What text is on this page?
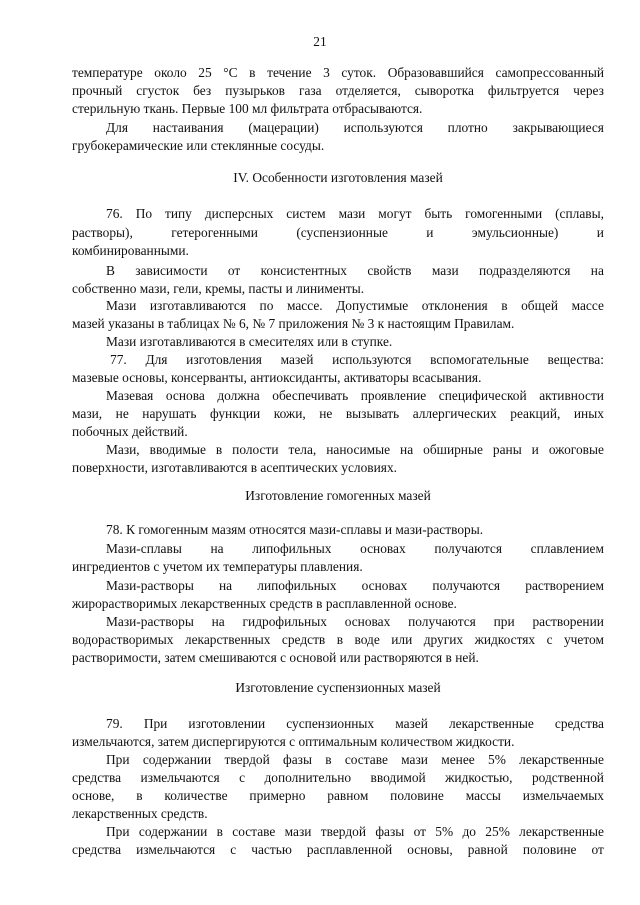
21
температуре около 25 °С в течение 3 суток. Образовавшийся самопрессованный
прочный сгусток без пузырьков газа отделяется, сыворотка фильтруется через
стерильную ткань. Первые 100 мл фильтрата отбрасываются.
Для настаивания (мацерации) используются плотно закрывающиеся
грубокерамические или стеклянные сосуды.
IV. Особенности изготовления мазей
76. По типу дисперсных систем мази могут быть гомогенными (сплавы,
растворы),	гетерогенными	(суспензионные	и	эмульсионные)	и
комбинированными.
В зависимости от консистентных свойств мази подразделяются на
собственно мази, гели, кремы, пасты и линименты.
Мази изготавливаются по массе. Допустимые отклонения в общей массе
мазей указаны в таблицах № 6, № 7 приложения № 3 к настоящим Правилам.
Мази изготавливаются в смесителях или в ступке.
77. Для изготовления мазей используются вспомогательные вещества:
мазевые основы, консерванты, антиоксиданты, активаторы всасывания.
Мазевая основа должна обеспечивать проявление специфической активности
мази, не нарушать функции кожи, не вызывать аллергических реакций, иных
побочных действий.
Мази, вводимые в полости тела, наносимые на обширные раны и ожоговые
поверхности, изготавливаются в асептических условиях.
Изготовление гомогенных мазей
78. К гомогенным мазям относятся мази-сплавы и мази-растворы.
Мази-сплавы на липофильных основах получаются сплавлением
ингредиентов с учетом их температуры плавления.
Мази-растворы на липофильных основах получаются растворением
жирорастворимых лекарственных средств в расплавленной основе.
Мази-растворы на гидрофильных основах получаются при растворении
водорастворимых лекарственных средств в воде или других жидкостях с учетом
растворимости, затем смешиваются с основой или растворяются в ней.
Изготовление суспензионных мазей
79. При изготовлении суспензионных мазей лекарственные средства
измельчаются, затем диспергируются с оптимальным количеством жидкости.
При содержании твердой фазы в составе мази менее 5% лекарственные
средства измельчаются с дополнительно вводимой жидкостью, родственной
основе, в количестве примерно равном половине массы измельчаемых
лекарственных средств.
При содержании в составе мази твердой фазы от 5% до 25% лекарственные
средства измельчаются с частью расплавленной основы, равной половине от
